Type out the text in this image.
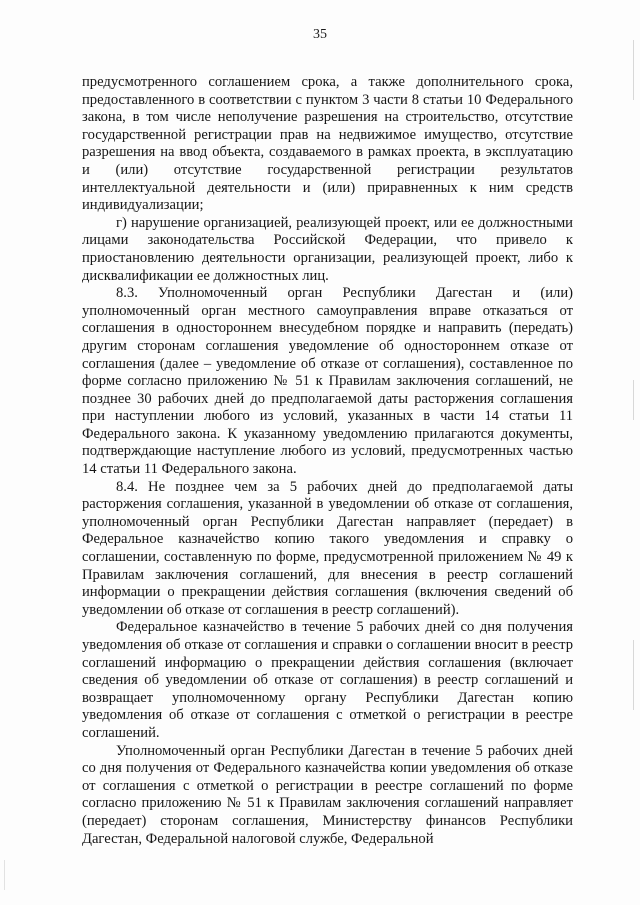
35

предусмотренного соглашением срока, а также дополнительного срока, предоставленного в соответствии с пунктом 3 части 8 статьи 10 Федерального закона, в том числе неполучение разрешения на строительство, отсутствие государственной регистрации прав на недвижимое имущество, отсутствие разрешения на ввод объекта, создаваемого в рамках проекта, в эксплуатацию и (или) отсутствие государственной регистрации результатов интеллектуальной деятельности и (или) приравненных к ним средств индивидуализации;

г) нарушение организацией, реализующей проект, или ее должностными лицами законодательства Российской Федерации, что привело к приостановлению деятельности организации, реализующей проект, либо к дисквалификации ее должностных лиц.

8.3. Уполномоченный орган Республики Дагестан и (или) уполномоченный орган местного самоуправления вправе отказаться от соглашения в одностороннем внесудебном порядке и направить (передать) другим сторонам соглашения уведомление об одностороннем отказе от соглашения (далее – уведомление об отказе от соглашения), составленное по форме согласно приложению № 51 к Правилам заключения соглашений, не позднее 30 рабочих дней до предполагаемой даты расторжения соглашения при наступлении любого из условий, указанных в части 14 статьи 11 Федерального закона. К указанному уведомлению прилагаются документы, подтверждающие наступление любого из условий, предусмотренных частью 14 статьи 11 Федерального закона.

8.4. Не позднее чем за 5 рабочих дней до предполагаемой даты расторжения соглашения, указанной в уведомлении об отказе от соглашения, уполномоченный орган Республики Дагестан направляет (передает) в Федеральное казначейство копию такого уведомления и справку о соглашении, составленную по форме, предусмотренной приложением № 49 к Правилам заключения соглашений, для внесения в реестр соглашений информации о прекращении действия соглашения (включения сведений об уведомлении об отказе от соглашения в реестр соглашений).

Федеральное казначейство в течение 5 рабочих дней со дня получения уведомления об отказе от соглашения и справки о соглашении вносит в реестр соглашений информацию о прекращении действия соглашения (включает сведения об уведомлении об отказе от соглашения) в реестр соглашений и возвращает уполномоченному органу Республики Дагестан копию уведомления об отказе от соглашения с отметкой о регистрации в реестре соглашений.

Уполномоченный орган Республики Дагестан в течение 5 рабочих дней со дня получения от Федерального казначейства копии уведомления об отказе от соглашения с отметкой о регистрации в реестре соглашений по форме согласно приложению № 51 к Правилам заключения соглашений направляет (передает) сторонам соглашения, Министерству финансов Республики Дагестан, Федеральной налоговой службе, Федеральной
